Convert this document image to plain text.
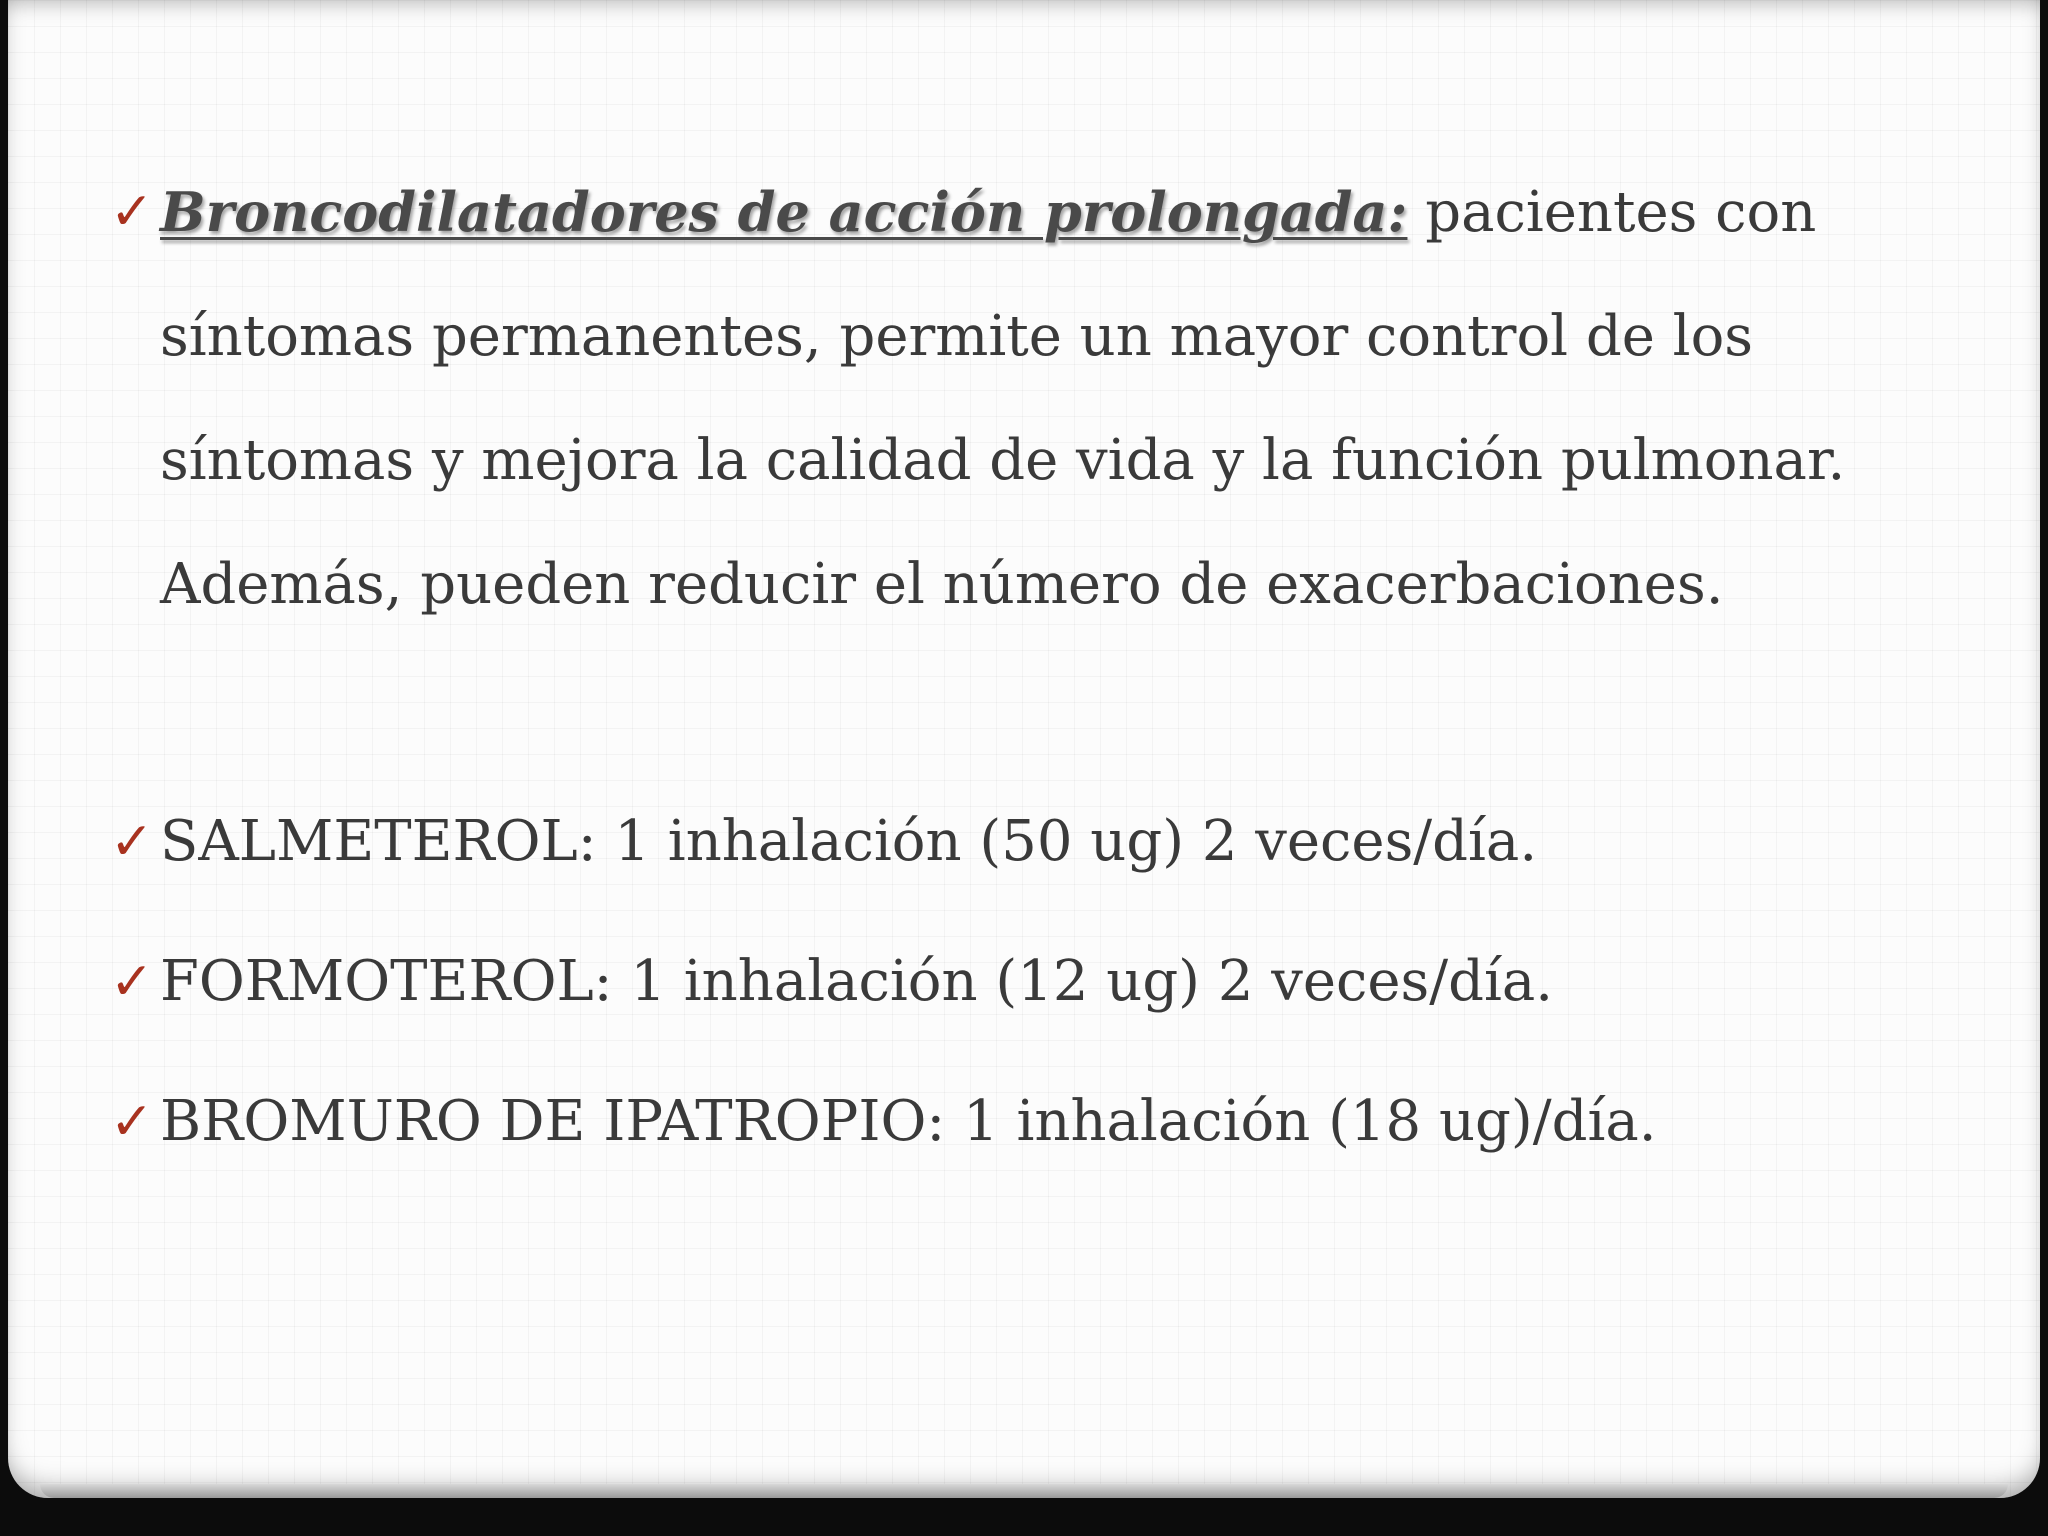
✓ Broncodilatadores de acción prolongada: pacientes con síntomas permanentes, permite un mayor control de los síntomas y mejora la calidad de vida y la función pulmonar. Además, pueden reducir el número de exacerbaciones.

✓ SALMETEROL: 1 inhalación (50 ug) 2 veces/día.

✓ FORMOTEROL: 1 inhalación (12 ug) 2 veces/día.

✓ BROMURO DE IPATROPIO: 1 inhalación (18 ug)/día.
